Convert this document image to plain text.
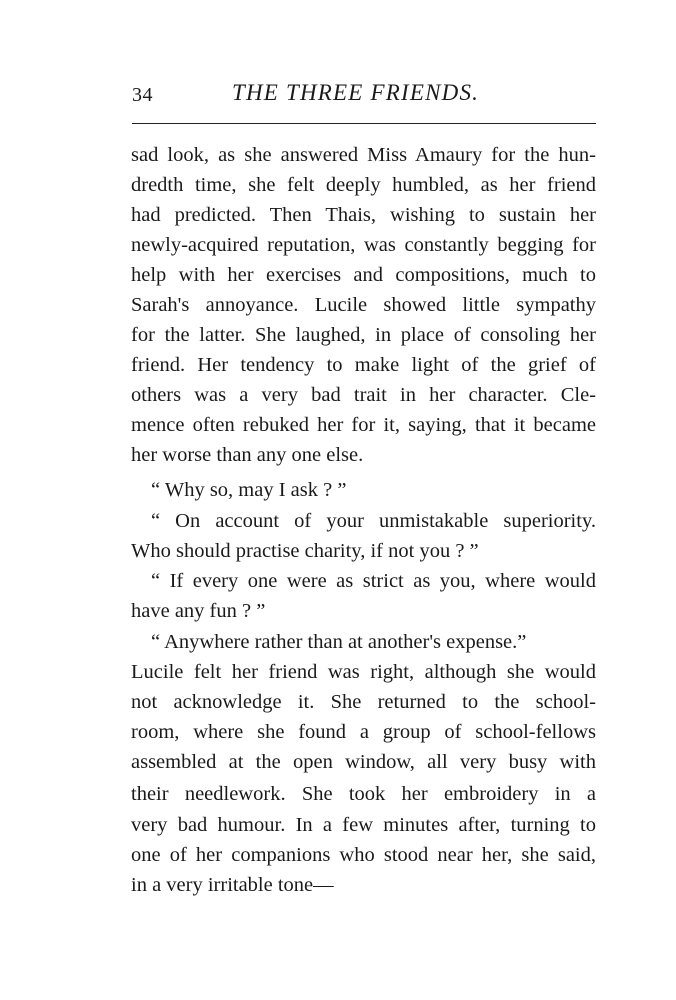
34	THE THREE FRIENDS.
sad look, as she answered Miss Amaury for the hun-
dredth time, she felt deeply humbled, as her friend
had predicted. Then Thais, wishing to sustain her
newly-acquired reputation, was constantly begging for
help with her exercises and compositions, much to
Sarah's annoyance. Lucile showed little sympathy
for the latter. She laughed, in place of consoling her
friend. Her tendency to make light of the grief of
others was a very bad trait in her character. Cle-
mence often rebuked her for it, saying, that it became
her worse than any one else.
“ Why so, may I ask ? ”
“ On account of your unmistakable superiority.
Who should practise charity, if not you ? ”
“ If every one were as strict as you, where would
have any fun ? ”
“ Anywhere rather than at another's expense.”
Lucile felt her friend was right, although she would
not acknowledge it. She returned to the school-
room, where she found a group of school-fellows
assembled at the open window, all very busy with
their needlework. She took her embroidery in a
very bad humour. In a few minutes after, turning to
one of her companions who stood near her, she said,
in a very irritable tone—
